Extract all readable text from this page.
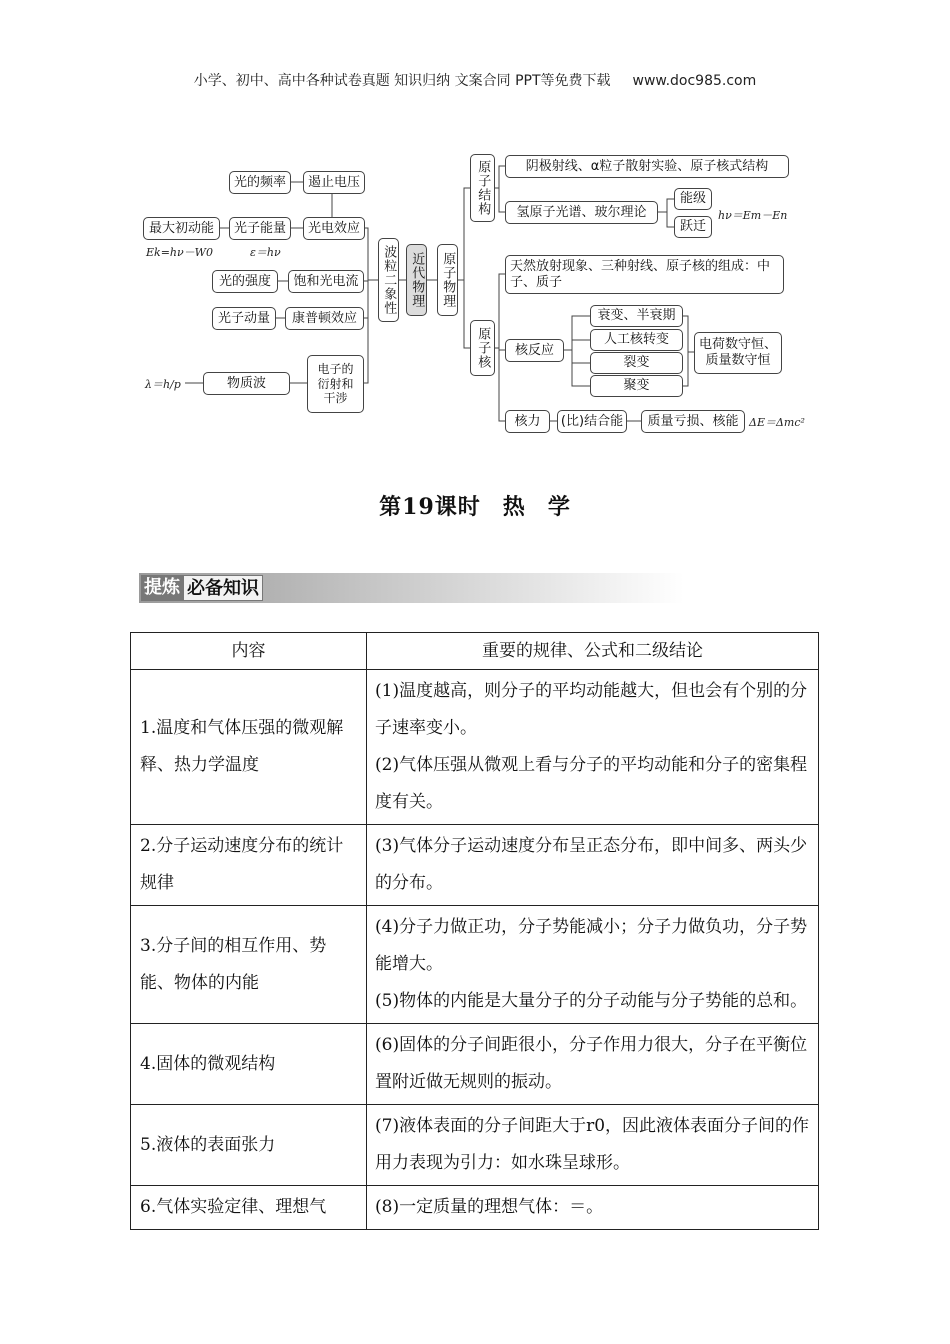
小学、初中、高中各种试卷真题 知识归纳 文案合同 PPT等免费下载 www.doc985.com
光的频率	遏止电压
最大初动能	光子能量	光电效应
Ek=hν－W0	ε＝hν
光的强度	饱和光电流
光子动量	康普顿效应
λ＝h/p	物质波
电子的衍射和干涉
波粒二象性 近代物理 原子物理
原子结构	阴极射线、α粒子散射实验、原子核式结构
氢原子光谱、玻尔理论
能级
跃迁
hν＝Em－En
原子核
天然放射现象、三种射线、原子核的组成：中子、质子
核反应
衰变、半衰期
人工核转变
裂变
聚变
电荷数守恒、质量数守恒
核力	(比)结合能	质量亏损、核能 ΔE＝Δmc²
第19课时 热 学
提炼 必备知识
内容	重要的规律、公式和二级结论
1.温度和气体压强的微观解释、热力学温度	(1)温度越高，则分子的平均动能越大，但也会有个别的分子速率变小。
(2)气体压强从微观上看与分子的平均动能和分子的密集程度有关。

2.分子运动速度分布的统计规律	(3)气体分子运动速度分布呈正态分布，即中间多、两头少的分布。

3.分子间的相互作用、势能、物体的内能	(4)分子力做正功，分子势能减小；分子力做负功，分子势能增大。
(5)物体的内能是大量分子的分子动能与分子势能的总和。

4.固体的微观结构	(6)固体的分子间距很小，分子作用力很大，分子在平衡位置附近做无规则的振动。

5.液体的表面张力	(7)液体表面的分子间距大于r0，因此液体表面分子间的作用力表现为引力：如水珠呈球形。

6.气体实验定律、理想气	(8)一定质量的理想气体：＝。
